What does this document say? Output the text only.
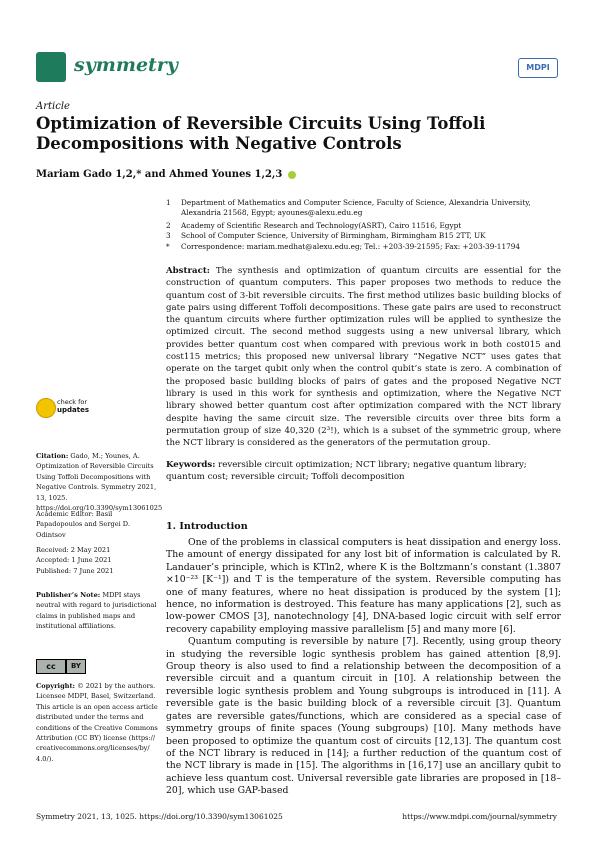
symmetry	MDPI
Article
Optimization of Reversible Circuits Using Toffoli Decompositions with Negative Controls
Mariam Gado 1,2,* and Ahmed Younes 1,2,3
1 Department of Mathematics and Computer Science, Faculty of Science, Alexandria University, Alexandria 21568, Egypt; ayounes@alexu.edu.eg
2 Academy of Scientific Research and Technology(ASRT), Cairo 11516, Egypt
3 School of Computer Science, University of Birmingham, Birmingham B15 2TT, UK
* Correspondence: mariam.medhat@alexu.edu.eg; Tel.: +203-39-21595; Fax: +203-39-11794
Abstract: The synthesis and optimization of quantum circuits are essential for the construction of quantum computers. This paper proposes two methods to reduce the quantum cost of 3-bit reversible circuits. The first method utilizes basic building blocks of gate pairs using different Toffoli decompositions. These gate pairs are used to reconstruct the quantum circuits where further optimization rules will be applied to synthesize the optimized circuit. The second method suggests using a new universal library, which provides better quantum cost when compared with previous work in both cost015 and cost115 metrics; this proposed new universal library “Negative NCT” uses gates that operate on the target qubit only when the control qubit’s state is zero. A combination of the proposed basic building blocks of pairs of gates and the proposed Negative NCT library is used in this work for synthesis and optimization, where the Negative NCT library showed better quantum cost after optimization compared with the NCT library despite having the same circuit size. The reversible circuits over three bits form a permutation group of size 40,320 (2³!), which is a subset of the symmetric group, where the NCT library is considered as the generators of the permutation group.
Keywords: reversible circuit optimization; NCT library; negative quantum library; quantum cost; reversible circuit; Toffoli decomposition
check for
updates
Citation: Gado, M.; Younes, A. Optimization of Reversible Circuits Using Toffoli Decompositions with Negative Controls. Symmetry 2021, 13, 1025. https://doi.org/10.3390/sym13061025
Academic Editor: Basil Papadopoulos and Sergei D. Odintsov
Received: 2 May 2021
Accepted: 1 June 2021
Published: 7 June 2021
Publisher’s Note: MDPI stays neutral with regard to jurisdictional claims in published maps and institutional affiliations.
cc	BY
Copyright: © 2021 by the authors. Licensee MDPI, Basel, Switzerland. This article is an open access article distributed under the terms and conditions of the Creative Commons Attribution (CC BY) license (https:// creativecommons.org/licenses/by/ 4.0/).
1. Introduction

One of the problems in classical computers is heat dissipation and energy loss. The amount of energy dissipated for any lost bit of information is calculated by R. Landauer’s principle, which is KTln2, where K is the Boltzmann’s constant (1.3807 ×10⁻²³ [K⁻¹]) and T is the temperature of the system. Reversible computing has one of many features, where no heat dissipation is produced by the system [1]; hence, no information is destroyed. This feature has many applications [2], such as low-power CMOS [3], nanotechnology [4], DNA-based logic circuit with self error recovery capability employing massive parallelism [5] and many more [6].

Quantum computing is reversible by nature [7]. Recently, using group theory in studying the reversible logic synthesis problem has gained attention [8,9]. Group theory is also used to find a relationship between the decomposition of a reversible circuit and a quantum circuit in [10]. A relationship between the reversible logic synthesis problem and Young subgroups is introduced in [11]. A reversible gate is the basic building block of a reversible circuit [3]. Quantum gates are reversible gates/functions, which are considered as a special case of symmetry groups of finite spaces (Young subgroups) [10]. Many methods have been proposed to optimize the quantum cost of circuits [12,13]. The quantum cost of the NCT library is reduced in [14]; a further reduction of the quantum cost of the NCT library is made in [15]. The algorithms in [16,17] use an ancillary qubit to achieve less quantum cost. Universal reversible gate libraries are proposed in [18–20], which use GAP-based

Symmetry 2021, 13, 1025. https://doi.org/10.3390/sym13061025	https://www.mdpi.com/journal/symmetry
